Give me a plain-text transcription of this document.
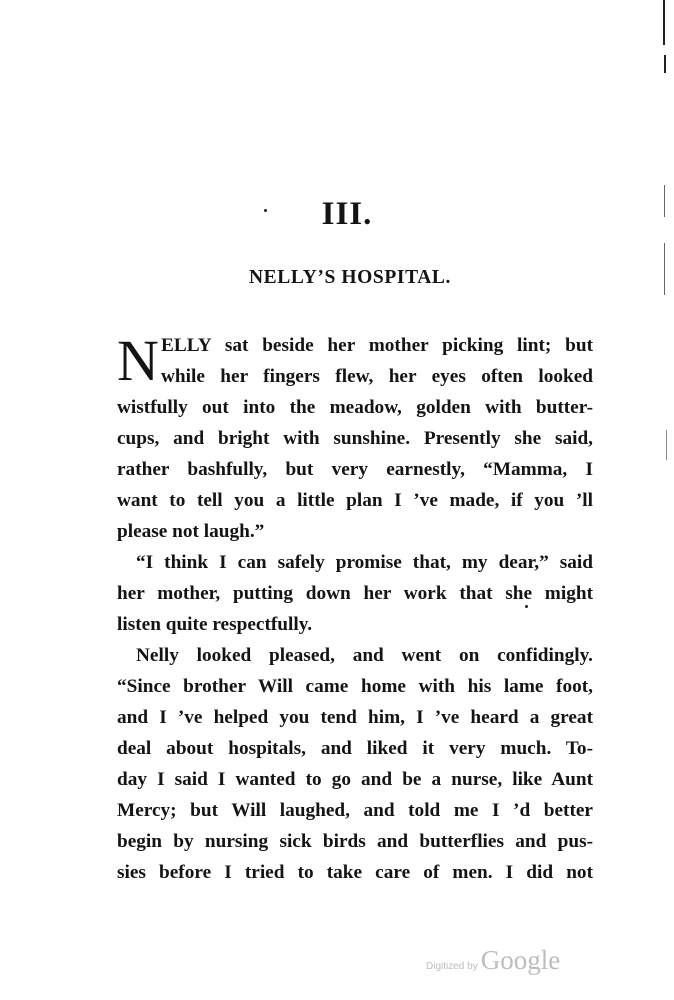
III.
NELLY’S HOSPITAL.
N ELLY sat beside her mother picking lint; but
while her fingers flew, her eyes often looked
wistfully out into the meadow, golden with butter-
cups, and bright with sunshine. Presently she said,
rather bashfully, but very earnestly, “Mamma, I
want to tell you a little plan I ’ve made, if you ’ll
please not laugh.”
“I think I can safely promise that, my dear,” said
her mother, putting down her work that she might
listen quite respectfully.
Nelly looked pleased, and went on confidingly.
“Since brother Will came home with his lame foot,
and I ’ve helped you tend him, I ’ve heard a great
deal about hospitals, and liked it very much. To-
day I said I wanted to go and be a nurse, like Aunt
Mercy; but Will laughed, and told me I ’d better
begin by nursing sick birds and butterflies and pus-
sies before I tried to take care of men. I did not
Digitized by Google
